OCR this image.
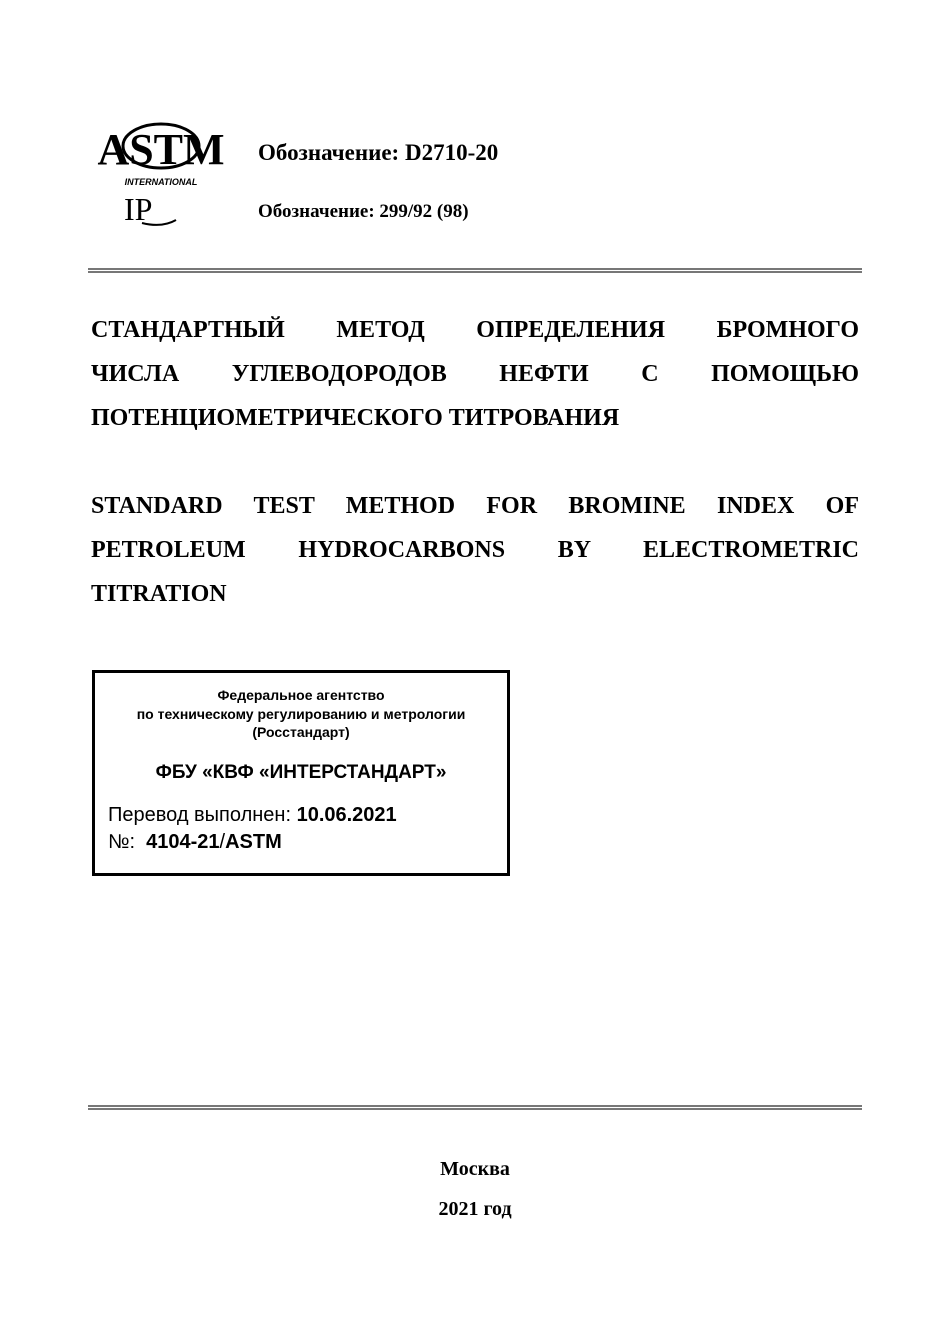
ASTM
INTERNATIONAL
IP
Обозначение: D2710-20
Обозначение: 299/92 (98)
СТАНДАРТНЫЙ МЕТОД ОПРЕДЕЛЕНИЯ БРОМНОГО
ЧИСЛА УГЛЕВОДОРОДОВ НЕФТИ С ПОМОЩЬЮ
ПОТЕНЦИОМЕТРИЧЕСКОГО ТИТРОВАНИЯ
STANDARD TEST METHOD FOR BROMINE INDEX OF
PETROLEUM HYDROCARBONS BY ELECTROMETRIC
TITRATION
Федеральное агентство
по техническому регулированию и метрологии
(Росстандарт)
ФБУ «КВФ «ИНТЕРСТАНДАРТ»
Перевод выполнен: 10.06.2021
№: 4104-21/ASTM
Москва
2021 год
